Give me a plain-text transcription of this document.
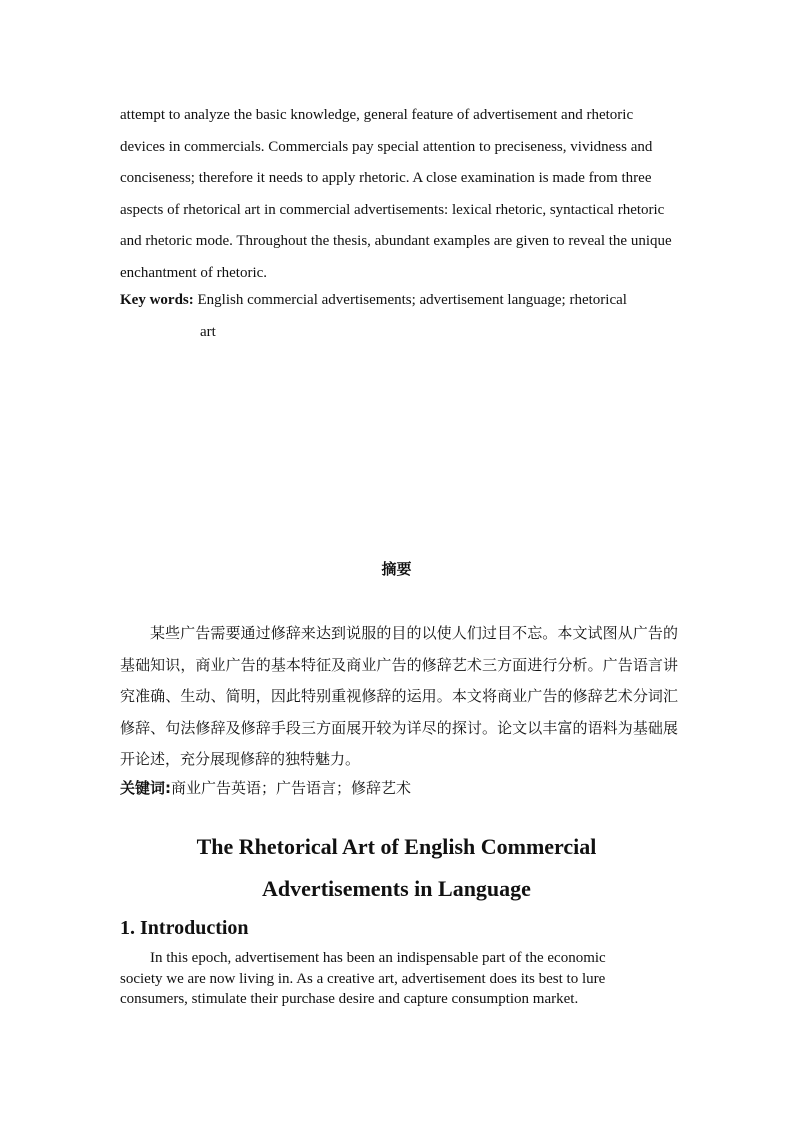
attempt to analyze the basic knowledge, general feature of advertisement and rhetoric devices in commercials. Commercials pay special attention to preciseness, vividness and conciseness; therefore it needs to apply rhetoric. A close examination is made from three aspects of rhetorical art in commercial advertisements: lexical rhetoric, syntactical rhetoric and rhetoric mode. Throughout the thesis, abundant examples are given to reveal the unique enchantment of rhetoric.

Key words: English commercial advertisements; advertisement language; rhetorical
art

摘要

某些广告需要通过修辞来达到说服的目的以使人们过目不忘。本文试图从广告的基础知识，商业广告的基本特征及商业广告的修辞艺术三方面进行分析。广告语言讲究准确、生动、简明，因此特别重视修辞的运用。本文将商业广告的修辞艺术分词汇修辞、句法修辞及修辞手段三方面展开较为详尽的探讨。论文以丰富的语料为基础展开论述，充分展现修辞的独特魅力。

关键词:商业广告英语；广告语言；修辞艺术

The Rhetorical Art of English Commercial
Advertisements in Language
1. Introduction

In this epoch, advertisement has been an indispensable part of the economic society we are now living in. As a creative art, advertisement does its best to lure consumers, stimulate their purchase desire and capture consumption market.
